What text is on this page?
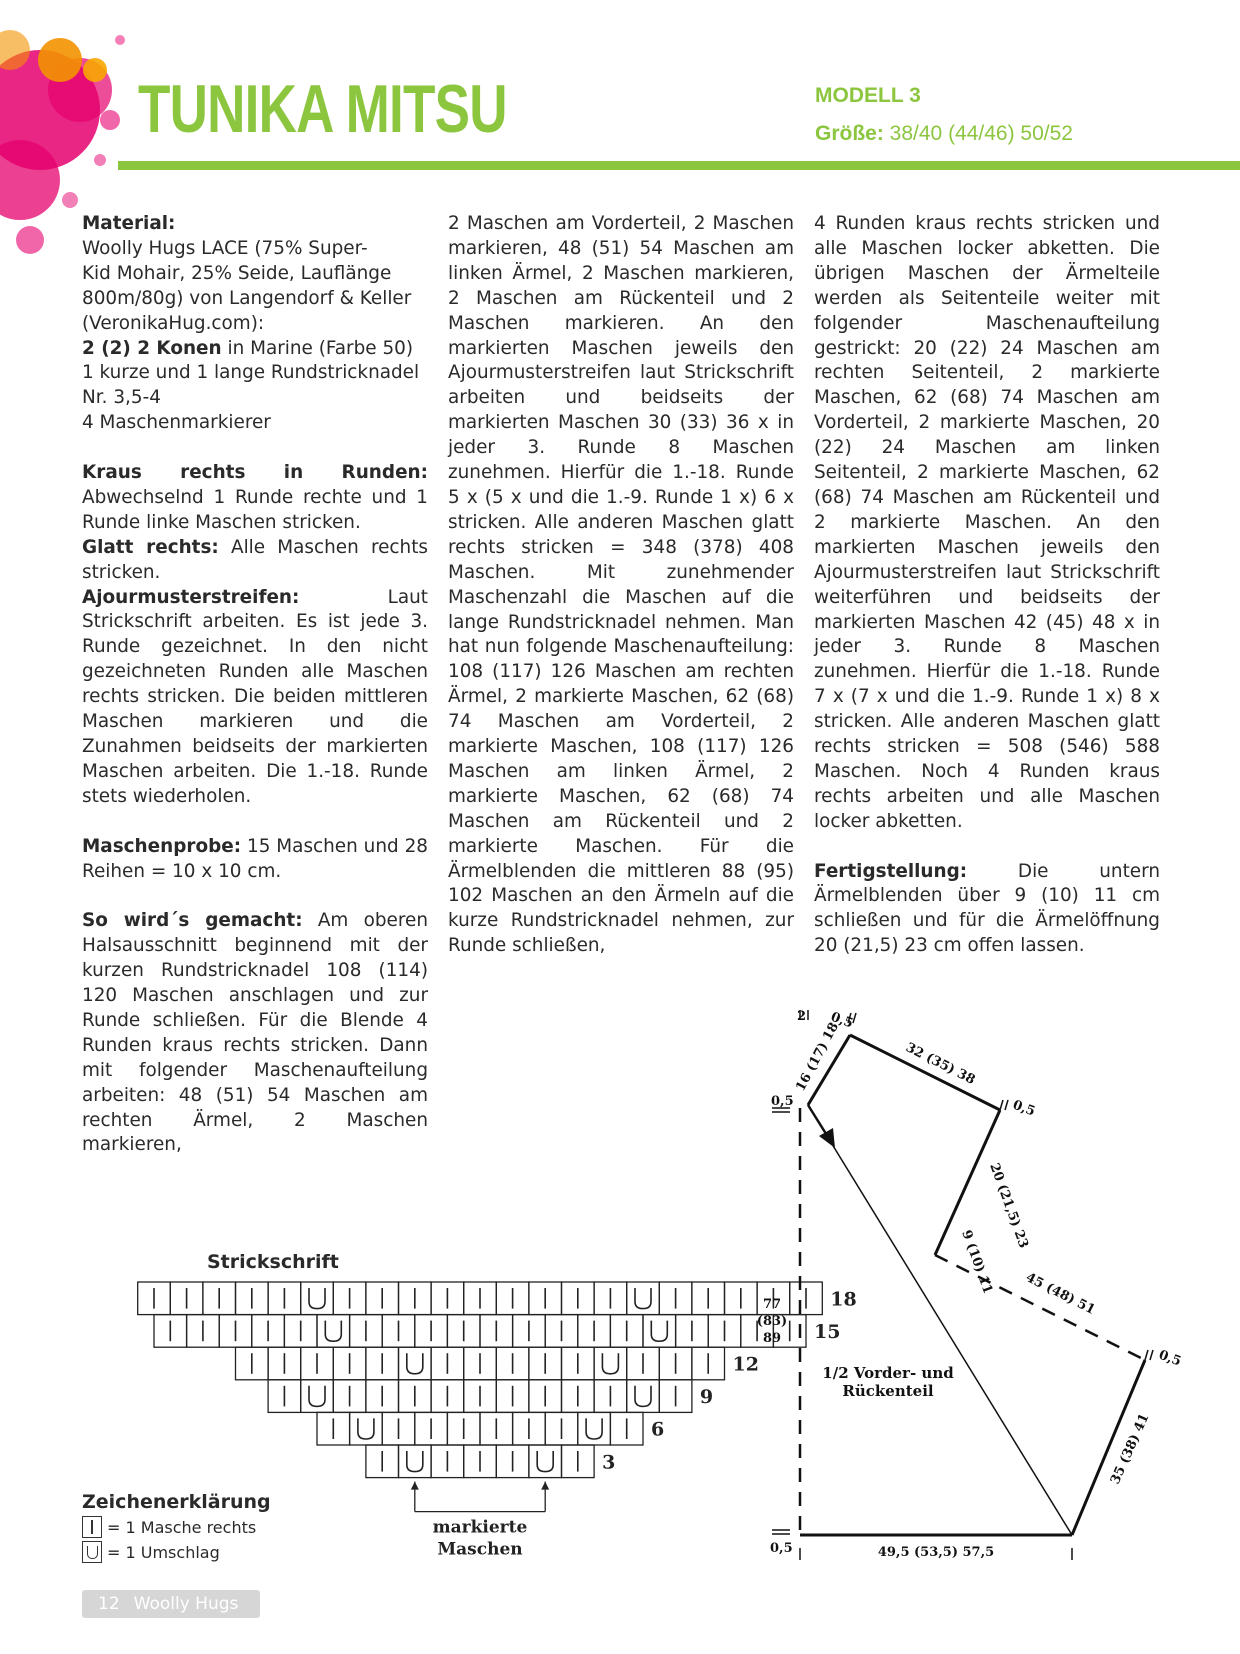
TUNIKA MITSU	MODELL 3
Größe: 38/40 (44/46) 50/52

Material:

Woolly Hugs LACE (75% Super-

Kid Mohair, 25% Seide, Lauflänge

800m/80g) von Langendorf & Keller

(VeronikaHug.com):

2 (2) 2 Konen in Marine (Farbe 50)

1 kurze und 1 lange Rundstricknadel

Nr. 3,5-4

4 Maschenmarkierer

Kraus rechts in Runden: Abwechselnd 1 Runde rechte und 1 Runde linke Maschen stricken.

Glatt rechts: Alle Maschen rechts stricken.

Ajourmusterstreifen: Laut Strickschrift arbeiten. Es ist jede 3. Runde gezeichnet. In den nicht gezeichneten Runden alle Maschen rechts stricken. Die beiden mittleren Maschen markieren und die Zunahmen beidseits der markierten Maschen arbeiten. Die 1.-18. Runde stets wiederholen.

Maschenprobe: 15 Maschen und 28 Reihen = 10 x 10 cm.

So wird´s gemacht: Am oberen Halsausschnitt beginnend mit der kurzen Rundstricknadel 108 (114) 120 Maschen anschlagen und zur Runde schließen. Für die Blende 4 Runden kraus rechts stricken. Dann mit folgender Maschenaufteilung arbeiten: 48 (51) 54 Maschen am rechten Ärmel, 2 Maschen markieren,

2 Maschen am Vorderteil, 2 Maschen markieren, 48 (51) 54 Maschen am linken Ärmel, 2 Maschen markieren, 2 Maschen am Rückenteil und 2 Maschen markieren. An den markierten Maschen jeweils den Ajourmusterstreifen laut Strickschrift arbeiten und beidseits der markierten Maschen 30 (33) 36 x in jeder 3. Runde 8 Maschen zunehmen. Hierfür die 1.-18. Runde 5 x (5 x und die 1.-9. Runde 1 x) 6 x stricken. Alle anderen Maschen glatt rechts stricken = 348 (378) 408 Maschen. Mit zunehmender Maschenzahl die Maschen auf die lange Rundstricknadel nehmen. Man hat nun folgende Maschenaufteilung: 108 (117) 126 Maschen am rechten Ärmel, 2 markierte Maschen, 62 (68) 74 Maschen am Vorderteil, 2 markierte Maschen, 108 (117) 126 Maschen am linken Ärmel, 2 markierte Maschen, 62 (68) 74 Maschen am Rückenteil und 2 markierte Maschen. Für die Ärmelblenden die mittleren 88 (95) 102 Maschen an den Ärmeln auf die kurze Rundstricknadel nehmen, zur Runde schließen,

4 Runden kraus rechts stricken und alle Maschen locker abketten. Die übrigen Maschen der Ärmelteile werden als Seitenteile weiter mit folgender Maschenaufteilung gestrickt: 20 (22) 24 Maschen am rechten Seitenteil, 2 markierte Maschen, 62 (68) 74 Maschen am Vorderteil, 2 markierte Maschen, 20 (22) 24 Maschen am linken Seitenteil, 2 markierte Maschen, 62 (68) 74 Maschen am Rückenteil und 2 markierte Maschen. An den markierten Maschen jeweils den Ajourmusterstreifen laut Strickschrift weiterführen und beidseits der markierten Maschen 42 (45) 48 x in jeder 3. Runde 8 Maschen zunehmen. Hierfür die 1.-18. Runde 7 x (7 x und die 1.-9. Runde 1 x) 8 x stricken. Alle anderen Maschen glatt rechts stricken = 508 (546) 588 Maschen. Noch 4 Runden kraus rechts arbeiten und alle Maschen locker abketten.

Fertigstellung: Die untern Ärmelblenden über 9 (10) 11 cm schließen und für die Ärmelöffnung 20 (21,5) 23 cm offen lassen.

Strickschrift
18
15
12
9
6
3
markierte
Maschen
Zeichenerklärung
= 1 Masche rechts
= 1 Umschlag
2 0,5
0,5
16 (17) 18	32 (35) 38
0,5
20 (21,5) 23
9 (10) 11 45 (48) 51
0,5
77
(83)
89
35 (38) 41
0,5	49,5 (53,5) 57,5
1/2 Vorder- und
Rückenteil
12 Woolly Hugs
